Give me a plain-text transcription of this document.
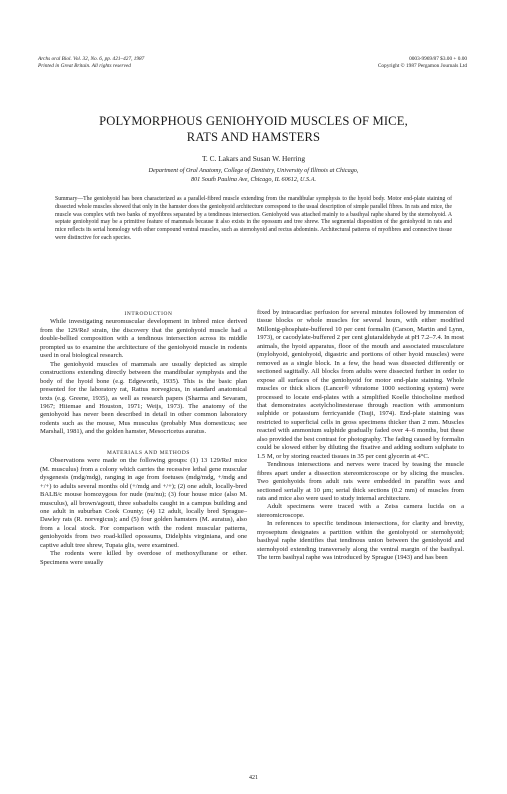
Archs oral Biol. Vol. 32, No. 6, pp. 421–427, 1987
Printed in Great Britain. All rights reserved
0003-9969/87 $3.00 + 0.00
Copyright © 1987 Pergamon Journals Ltd
POLYMORPHOUS GENIOHYOID MUSCLES OF MICE,
RATS AND HAMSTERS
T. C. Lakars and Susan W. Herring
Department of Oral Anatomy, College of Dentistry, University of Illinois at Chicago,
801 South Paulina Ave, Chicago, IL 60612, U.S.A.
Summary—The geniohyoid has been characterized as a parallel-fibred muscle extending from the mandibular symphysis to the hyoid body. Motor end-plate staining of dissected whole muscles showed that only in the hamster does the geniohyoid architecture correspond to the usual description of simple parallel fibres. In rats and mice, the muscle was complex with two banks of myofibres separated by a tendinous intersection. Geniohyoid was attached mainly to a basihyal raphe shared by the sternohyoid. A septate geniohyoid may be a primitive feature of mammals because it also exists in the opossum and tree shrew. The segmental disposition of the geniohyoid in rats and mice reflects its serial homology with other compound ventral muscles, such as sternohyoid and rectus abdominis. Architectural patterns of myofibres and connective tissue were distinctive for each species.

INTRODUCTION

While investigating neuromuscular development in inbred mice derived from the 129/ReJ strain, the discovery that the geniohyoid muscle had a double-bellied composition with a tendinous intersection across its middle prompted us to examine the architecture of the geniohyoid muscle in rodents used in oral biological research.

The geniohyoid muscles of mammals are usually depicted as simple constructions extending directly between the mandibular symphysis and the body of the hyoid bone (e.g. Edgeworth, 1935). This is the basic plan presented for the laboratory rat, Rattus norvegicus, in standard anatomical texts (e.g. Greene, 1935), as well as research papers (Sharma and Sevaram, 1967; Hiiemae and Houston, 1971; Weijs, 1973). The anatomy of the geniohyoid has never been described in detail in other common laboratory rodents such as the mouse, Mus musculus (probably Mus domesticus; see Marshall, 1981), and the golden hamster, Mesocricetus auratus.

MATERIALS AND METHODS

Observations were made on the following groups: (1) 13 129/ReJ mice (M. musculus) from a colony which carries the recessive lethal gene muscular dysgenesis (mdg/mdg), ranging in age from foetuses (mdg/mdg, +/mdg and +/+) to adults several months old (+/mdg and +/+); (2) one adult, locally-bred BALB/c mouse homozygous for nude (nu/nu); (3) four house mice (also M. musculus), all brown/agouti, three subadults caught in a campus building and one adult in suburban Cook County; (4) 12 adult, locally bred Sprague–Dawley rats (R. norvegicus); and (5) four golden hamsters (M. auratus), also from a local stock. For comparison with the rodent muscular patterns, geniohyoids from two road-killed opossums, Didelphis virginiana, and one captive adult tree shrew, Tupaia glis, were examined.

The rodents were killed by overdose of methoxyflurane or ether. Specimens were usually

fixed by intracardiac perfusion for several minutes followed by immersion of tissue blocks or whole muscles for several hours, with either modified Millonig-phosphate-buffered 10 per cent formalin (Carson, Martin and Lynn, 1973), or cacodylate-buffered 2 per cent glutaraldehyde at pH 7.2–7.4. In most animals, the hyoid apparatus, floor of the mouth and associated musculature (mylohyoid, geniohyoid, digastric and portions of other hyoid muscles) were removed as a single block. In a few, the head was dissected differently or sectioned sagittally. All blocks from adults were dissected further in order to expose all surfaces of the geniohyoid for motor end-plate staining. Whole muscles or thick slices (Lancer® vibratome 1000 sectioning system) were processed to locate end-plates with a simplified Koelle thiocholine method that demonstrates acetylcholinesterase through reaction with ammonium sulphide or potassium ferricyanide (Tsuji, 1974). End-plate staining was restricted to superficial cells in gross specimens thicker than 2 mm. Muscles reacted with ammonium sulphide gradually faded over 4–6 months, but these also provided the best contrast for photography. The fading caused by formalin could be slowed either by diluting the fixative and adding sodium sulphate to 1.5 M, or by storing reacted tissues in 35 per cent glycerin at 4°C.

Tendinous intersections and nerves were traced by teasing the muscle fibres apart under a dissection stereomicroscope or by slicing the muscles. Two geniohyoids from adult rats were embedded in paraffin wax and sectioned serially at 10 µm; serial thick sections (0.2 mm) of muscles from rats and mice also were used to study internal architecture.

Adult specimens were traced with a Zeiss camera lucida on a stereomicroscope.

In references to specific tendinous intersections, for clarity and brevity, myoseptum designates a partition within the geniohyoid or sternohyoid; basihyal raphe identifies that tendinous union between the geniohyoid and sternohyoid extending transversely along the ventral margin of the basihyal. The term basihyal raphe was introduced by Sprague (1943) and has been

421
